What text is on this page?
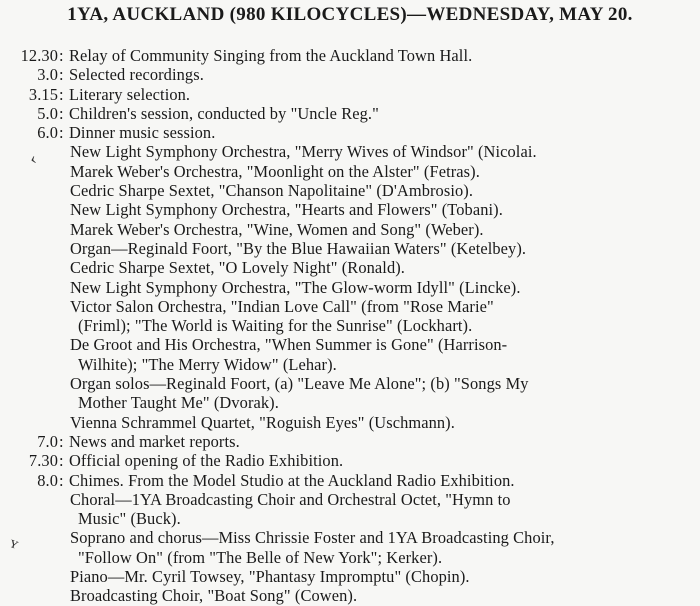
1YA, AUCKLAND (980 KILOCYCLES)—WEDNESDAY, MAY 20.
12.30 : Relay of Community Singing from the Auckland Town Hall.
3.0 : Selected recordings.
3.15 : Literary selection.
5.0 : Children's session, conducted by "Uncle Reg."
6.0 : Dinner music session.
New Light Symphony Orchestra, "Merry Wives of Windsor" (Nicolai.
Marek Weber's Orchestra, "Moonlight on the Alster" (Fetras).
Cedric Sharpe Sextet, "Chanson Napolitaine" (D'Ambrosio).
New Light Symphony Orchestra, "Hearts and Flowers" (Tobani).
Marek Weber's Orchestra, "Wine, Women and Song" (Weber).
Organ—Reginald Foort, "By the Blue Hawaiian Waters" (Ketelbey).
Cedric Sharpe Sextet, "O Lovely Night" (Ronald).
New Light Symphony Orchestra, "The Glow-worm Idyll" (Lincke).
Victor Salon Orchestra, "Indian Love Call" (from "Rose Marie"
(Friml); "The World is Waiting for the Sunrise" (Lockhart).
De Groot and His Orchestra, "When Summer is Gone" (Harrison-
Wilhite); "The Merry Widow" (Lehar).
Organ solos—Reginald Foort, (a) "Leave Me Alone"; (b) "Songs My
Mother Taught Me" (Dvorak).
Vienna Schrammel Quartet, "Roguish Eyes" (Uschmann).
7.0 : News and market reports.
7.30 : Official opening of the Radio Exhibition.
8.0 : Chimes. From the Model Studio at the Auckland Radio Exhibition.
Choral—1YA Broadcasting Choir and Orchestral Octet, "Hymn to
Music" (Buck).
Soprano and chorus—Miss Chrissie Foster and 1YA Broadcasting Choir,
"Follow On" (from "The Belle of New York"; Kerker).
Piano—Mr. Cyril Towsey, "Phantasy Impromptu" (Chopin).
Broadcasting Choir, "Boat Song" (Cowen).
‹
ʏ
